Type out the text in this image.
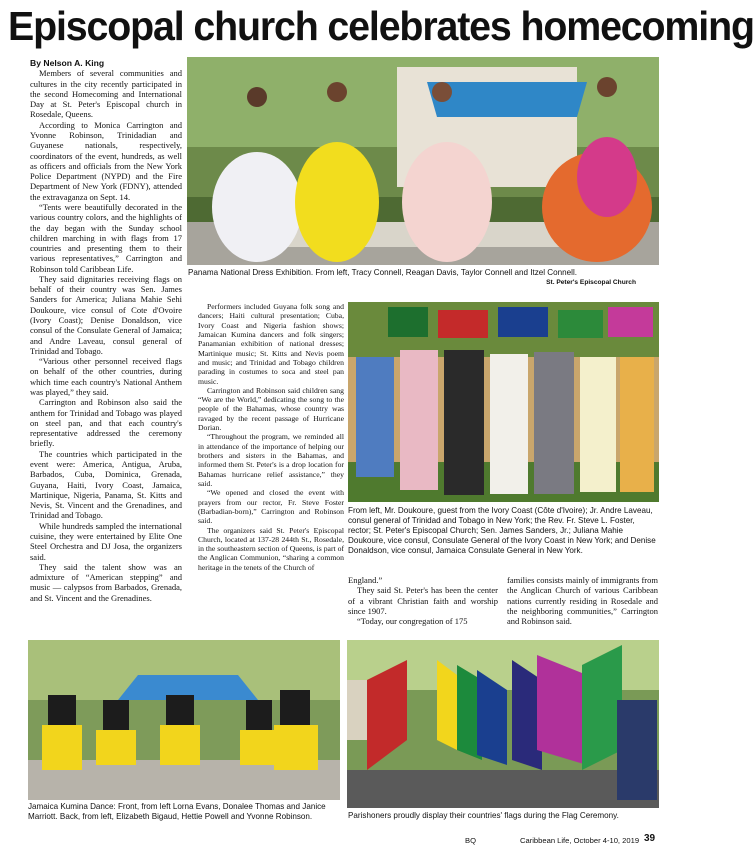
Episcopal church celebrates homecoming

By Nelson A. King

Members of several communities and cultures in the city recently participated in the second Homecoming and International Day at St. Peter's Episcopal church in Rosedale, Queens.

According to Monica Carrington and Yvonne Robinson, Trinidadian and Guyanese nationals, respectively, coordinators of the event, hundreds, as well as officers and officials from the New York Police Department (NYPD) and the Fire Department of New York (FDNY), attended the extravaganza on Sept. 14.

“Tents were beautifully decorated in the various country colors, and the highlights of the day began with the Sunday school children marching in with flags from 17 countries and presenting them to their various representatives,” Carrington and Robinson told Caribbean Life.

They said dignitaries receiving flags on behalf of their country was Sen. James Sanders for America; Juliana Mahie Sehi Doukoure, vice consul of Cote d'Ovoire (Ivory Coast); Denise Donaldson, vice consul of the Consulate General of Jamaica; and Andre Laveau, consul general of Trinidad and Tobago.

“Various other personnel received flags on behalf of the other countries, during which time each country's National Anthem was played,” they said.

Carrington and Robinson also said the anthem for Trinidad and Tobago was played on steel pan, and that each country's representative addressed the ceremony briefly.

The countries which participated in the event were: America, Antigua, Aruba, Barbados, Cuba, Dominica, Grenada, Guyana, Haiti, Ivory Coast, Jamaica, Martinique, Nigeria, Panama, St. Kitts and Nevis, St. Vincent and the Grenadines, and Trinidad and Tobago.

While hundreds sampled the international cuisine, they were entertained by Elite One Steel Orchestra and DJ Josa, the organizers said.

They said the talent show was an admixture of “American stepping” and music — calypsos from Barbados, Grenada, and St. Vincent and the Grenadines.

Panama National Dress Exhibition. From left, Tracy Connell, Reagan Davis, Taylor Connell and Itzel Connell.
St. Peter's Episcopal Church

Performers included Guyana folk song and dancers; Haiti cultural presentation; Cuba, Ivory Coast and Nigeria fashion shows; Jamaican Kumina dancers and folk singers; Panamanian exhibition of national dresses; Martinique music; St. Kitts and Nevis poem and music; and Trinidad and Tobago children parading in costumes to soca and steel pan music.

Carrington and Robinson said children sang “We are the World,” dedicating the song to the people of the Bahamas, whose country was ravaged by the recent passage of Hurricane Dorian.

“Throughout the program, we reminded all in attendance of the importance of helping our brothers and sisters in the Bahamas, and informed them St. Peter's is a drop location for Bahamas hurricane relief assistance,” they said.

“We opened and closed the event with prayers from our rector, Fr. Steve Foster (Barbadian-born),” Carrington and Robinson said.

The organizers said St. Peter's Episcopal Church, located at 137-28 244th St., Rosedale, in the southeastern section of Queens, is part of the Anglican Communion, “sharing a common heritage in the tenets of the Church of

From left, Mr. Doukoure, guest from the Ivory Coast (Côte d'Ivoire); Jr. Andre Laveau, consul general of Trinidad and Tobago in New York; the Rev. Fr. Steve L. Foster, rector; St. Peter's Episcopal Church; Sen. James Sanders, Jr.; Juliana Mahie Doukoure, vice consul, Consulate General of the Ivory Coast in New York; and Denise Donaldson, vice consul, Jamaica Consulate General in New York.

England.”

They said St. Peter's has been the center of a vibrant Christian faith and worship since 1907.

“Today, our congregation of 175

families consists mainly of immigrants from the Anglican Church of various Caribbean nations currently residing in Rosedale and the neighboring communities,” Carrington and Robinson said.

Jamaica Kumina Dance: Front, from left Lorna Evans, Donalee Thomas and Janice Marriott. Back, from left, Elizabeth Bigaud, Hettie Powell and Yvonne Robinson.	Parishoners proudly display their countries' flags during the Flag Ceremony.
BQ	Caribbean Life, October 4-10, 2019 39
